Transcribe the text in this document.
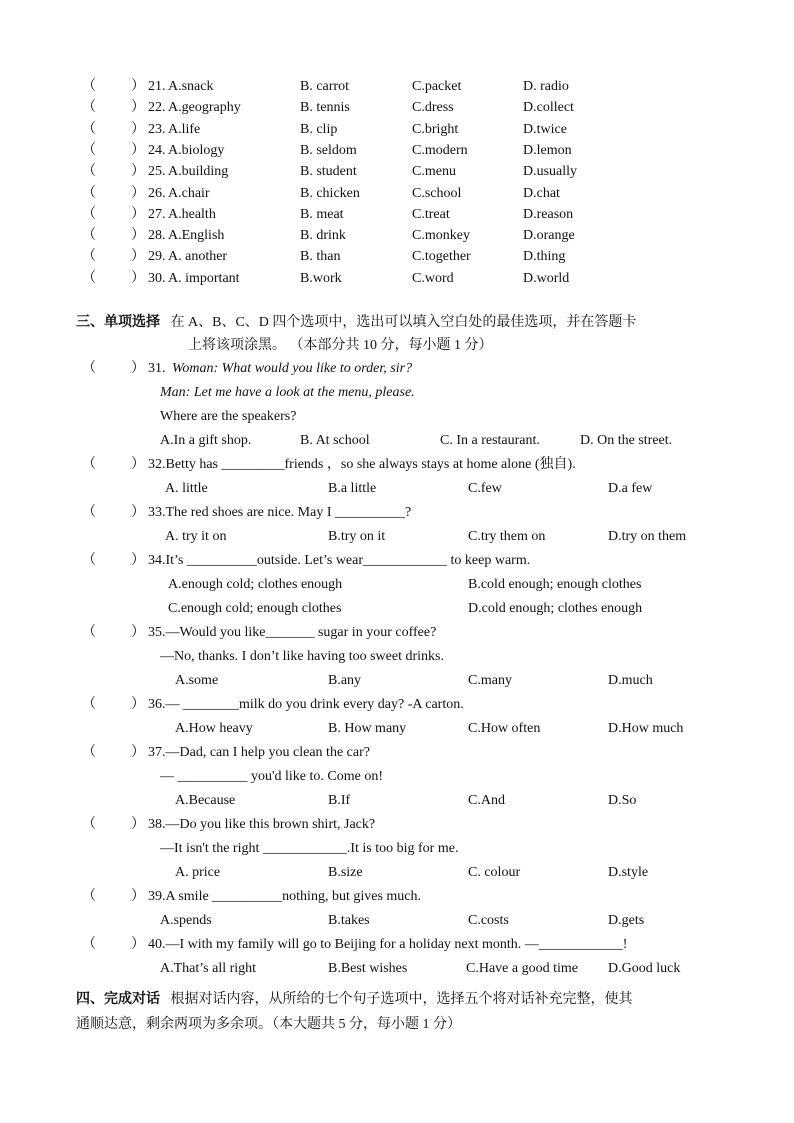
（	） 21. A.snack	B. carrot	C.packet	D. radio
（	） 22. A.geography	B. tennis	C.dress	D.collect
（	） 23. A.life	B. clip	C.bright	D.twice
（	） 24. A.biology	B. seldom	C.modern	D.lemon
（	） 25. A.building	B. student	C.menu	D.usually
（	） 26. A.chair	B. chicken	C.school	D.chat
（	） 27. A.health	B. meat	C.treat	D.reason
（	） 28. A.English	B. drink	C.monkey	D.orange
（	） 29. A. another	B. than	C.together	D.thing
（	） 30. A. important	B.work	C.word	D.world
三、单项选择 在 A、B、C、D 四个选项中，选出可以填入空白处的最佳选项，并在答题卡
上将该项涂黑。 （本部分共 10 分，每小题 1 分）
（	） 31. Woman: What would you like to order, sir?
Man: Let me have a look at the menu, please.
Where are the speakers?
A.In a gift shop.	B. At school	C. In a restaurant.	D. On the street.
（	） 32.Betty has _________friends ，so she always stays at home alone (独自).
A. little	B.a little	C.few	D.a few
（	） 33.The red shoes are nice. May I __________?
A. try it on	B.try on it	C.try them on	D.try on them
（	） 34.It’s __________outside. Let’s wear____________ to keep warm.
A.enough cold; clothes enough	B.cold enough; enough clothes
C.enough cold; enough clothes	D.cold enough; clothes enough
（	） 35.—Would you like_______ sugar in your coffee?
—No, thanks. I don’t like having too sweet drinks.
A.some	B.any	C.many	D.much
（	） 36.— ________milk do you drink every day? -A carton.
A.How heavy	B. How many	C.How often	D.How much
（	） 37.—Dad, can I help you clean the car?
— __________ you'd like to. Come on!
A.Because	B.If	C.And	D.So
（	） 38.—Do you like this brown shirt, Jack?
—It isn't the right ____________.It is too big for me.
A. price	B.size	C. colour	D.style
（	） 39.A smile __________nothing, but gives much.
A.spends	B.takes	C.costs	D.gets
（	） 40.—I with my family will go to Beijing for a holiday next month. —____________!
A.That’s all right	B.Best wishes	C.Have a good time D.Good luck
四、完成对话 根据对话内容，从所给的七个句子选项中，选择五个将对话补充完整，使其
通顺达意，剩余两项为多余项。（本大题共 5 分，每小题 1 分）
